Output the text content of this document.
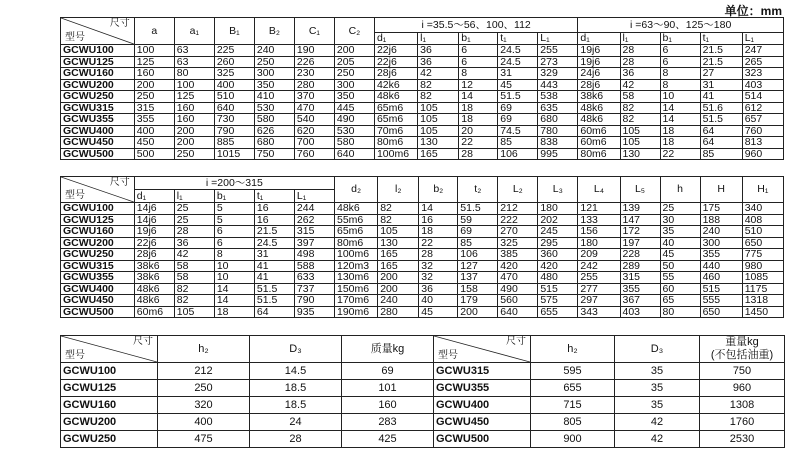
单位：mm
尺寸
型号	a	a₁	B₁	B₂	C₁	C₂	i =35.5～56、100、112					i =63～90、125～180				
							d₁	l₁	b₁	t₁	L₁	d₁	l₁	b₁	t₁	L₁
GCWU100	100	63	225	240	190	200	22j6	36	6	24.5	255	19j6	28	6	21.5	247
GCWU125	125	63	260	250	226	205	22j6	36	6	24.5	273	19j6	28	6	21.5	265
GCWU160	160	80	325	300	230	250	28j6	42	8	31	329	24j6	36	8	27	323
GCWU200	200	100	400	350	280	300	42k6	82	12	45	443	28j6	42	8	31	403
GCWU250	250	125	510	410	370	350	48k6	82	14	51.5	538	38k6	58	10	41	514
GCWU315	315	160	640	530	470	445	65m6	105	18	69	635	48k6	82	14	51.6	612
GCWU355	355	160	730	580	540	490	65m6	105	18	69	680	48k6	82	14	51.5	657
GCWU400	400	200	790	626	620	530	70m6	105	20	74.5	780	60m6	105	18	64	760
GCWU450	450	200	885	680	700	580	80m6	130	22	85	838	60m6	105	18	64	813
GCWU500	500	250	1015	750	760	640	100m6	165	28	106	995	80m6	130	22	85	960
尺寸
型号	i =200～315					d₂	l₂	b₂	t₂	L₂	L₃	L₄	L₅	h	H	H₁
	d₁	l₁	b₁	t₁	L₁											
GCWU100	14j6	25	5	16	244	48k6	82	14	51.5	212	180	121	139	25	175	340
GCWU125	14j6	25	5	16	262	55m6	82	16	59	222	202	133	147	30	188	408
GCWU160	19j6	28	6	21.5	315	65m6	105	18	69	270	245	156	172	35	240	510
GCWU200	22j6	36	6	24.5	397	80m6	130	22	85	325	295	180	197	40	300	650
GCWU250	28j6	42	8	31	498	100m6	165	28	106	385	360	209	228	45	355	775
GCWU315	38k6	58	10	41	588	120m3	165	32	127	420	420	242	289	50	440	980
GCWU355	38k6	58	10	41	633	130m6	200	32	137	470	480	255	315	55	460	1085
GCWU400	48k6	82	14	51.5	737	150m6	200	36	158	490	515	277	355	60	515	1175
GCWU450	48k6	82	14	51.5	790	170m6	240	40	179	560	575	297	367	65	555	1318
GCWU500	60m6	105	18	64	935	190m6	280	45	200	640	655	343	403	80	650	1450
尺寸
型号	h₂	D₃	质量kg	尺寸
型号	h₂	D₃	重量kg
(不包括油重)
GCWU100	212	14.5	69	GCWU315	595	35	750
GCWU125	250	18.5	101	GCWU355	655	35	960
GCWU160	320	18.5	160	GCWU400	715	35	1308
GCWU200	400	24	283	GCWU450	805	42	1760
GCWU250	475	28	425	GCWU500	900	42	2530
